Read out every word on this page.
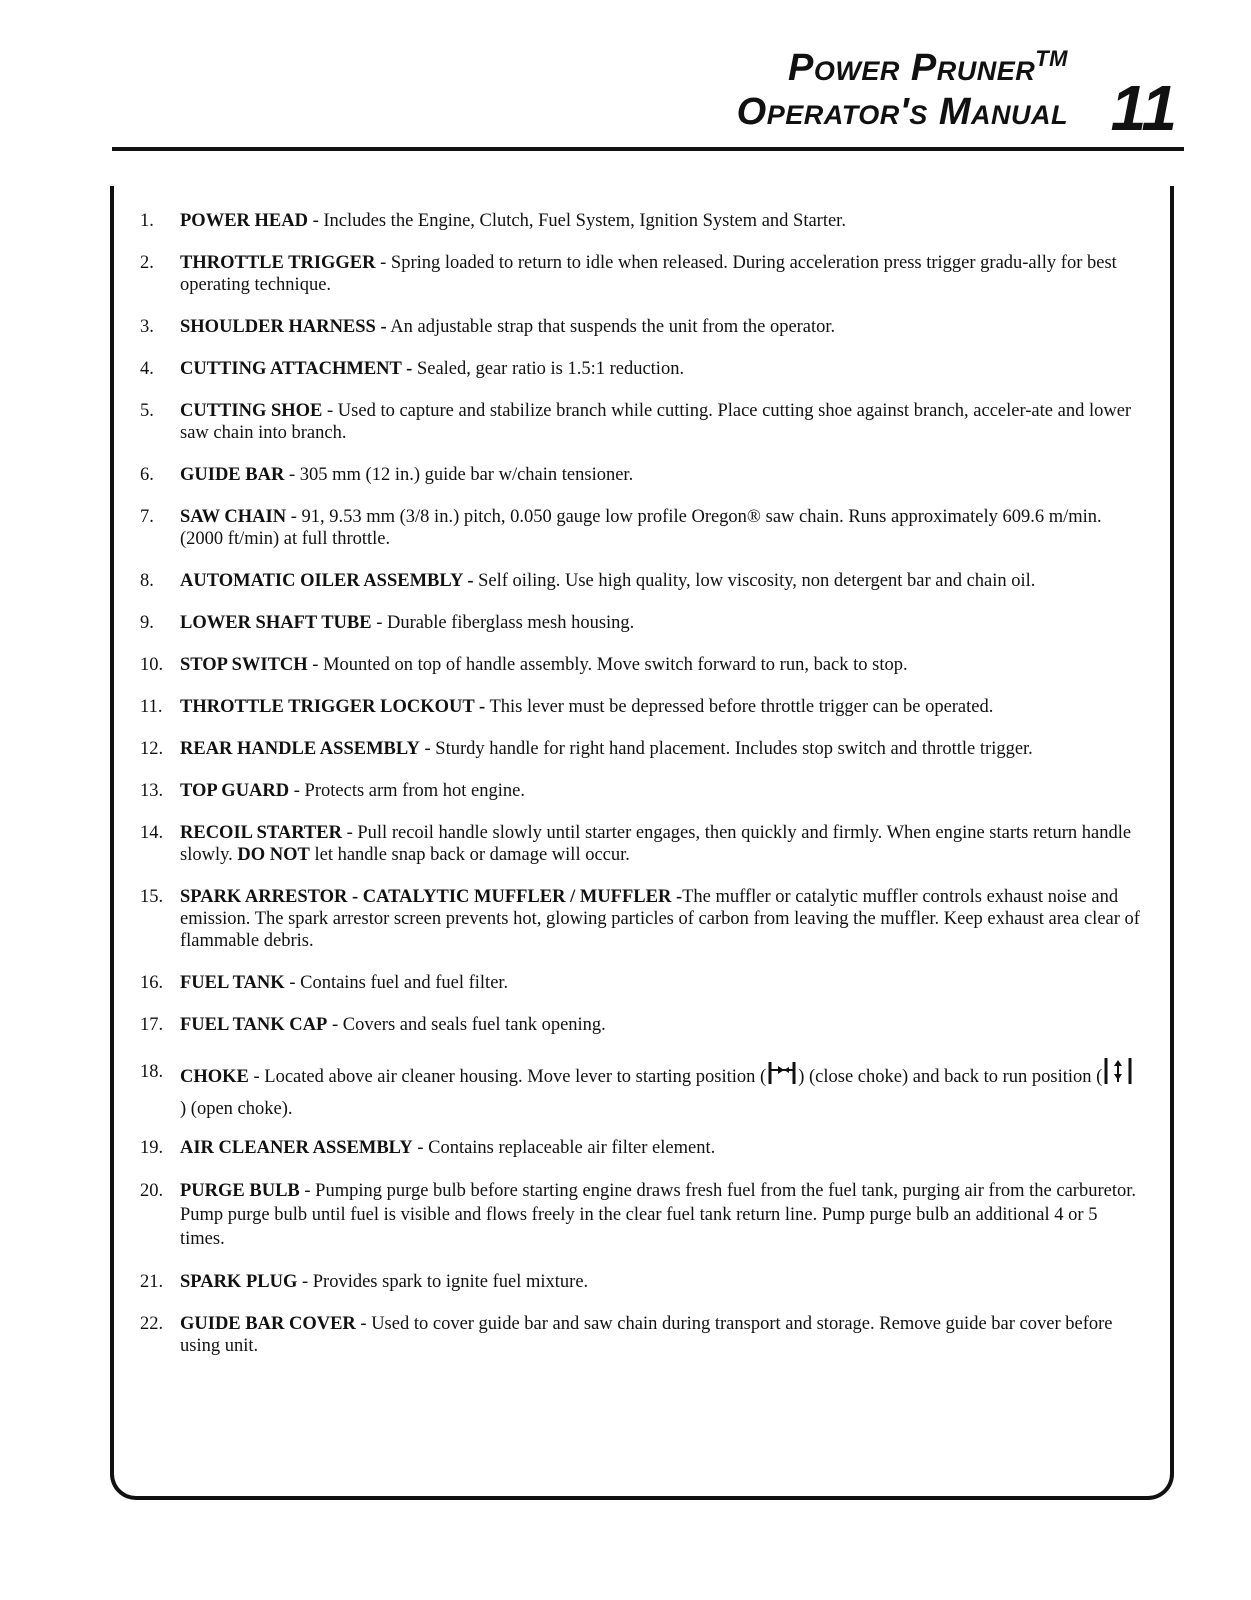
Power Pruner™
Operator's Manual 11
1.	POWER HEAD - Includes the Engine, Clutch, Fuel System, Ignition System and Starter.
2.	THROTTLE TRIGGER - Spring loaded to return to idle when released. During acceleration press trigger gradu-ally for best operating technique.
3.	SHOULDER HARNESS - An adjustable strap that suspends the unit from the operator.
4.	CUTTING ATTACHMENT - Sealed, gear ratio is 1.5:1 reduction.
5.	CUTTING SHOE - Used to capture and stabilize branch while cutting. Place cutting shoe against branch, acceler-ate and lower saw chain into branch.
6.	GUIDE BAR - 305 mm (12 in.) guide bar w/chain tensioner.
7.	SAW CHAIN - 91, 9.53 mm (3/8 in.) pitch, 0.050 gauge low profile Oregon® saw chain. Runs approximately 609.6 m/min. (2000 ft/min) at full throttle.
8.	AUTOMATIC OILER ASSEMBLY - Self oiling. Use high quality, low viscosity, non detergent bar and chain oil.
9.	LOWER SHAFT TUBE - Durable fiberglass mesh housing.
10. STOP SWITCH - Mounted on top of handle assembly. Move switch forward to run, back to stop.
11. THROTTLE TRIGGER LOCKOUT - This lever must be depressed before throttle trigger can be operated.
12. REAR HANDLE ASSEMBLY - Sturdy handle for right hand placement. Includes stop switch and throttle trigger.
13. TOP GUARD - Protects arm from hot engine.
14. RECOIL STARTER - Pull recoil handle slowly until starter engages, then quickly and firmly. When engine starts return handle slowly. DO NOT let handle snap back or damage will occur.
15. SPARK ARRESTOR - CATALYTIC MUFFLER / MUFFLER -The muffler or catalytic muffler controls exhaust noise and emission. The spark arrestor screen prevents hot, glowing particles of carbon from leaving the muffler. Keep exhaust area clear of flammable debris.
16. FUEL TANK - Contains fuel and fuel filter.
17. FUEL TANK CAP - Covers and seals fuel tank opening.
18. CHOKE - Located above air cleaner housing. Move lever to starting position ( ) (close choke) and back to run position () (open choke).
19. AIR CLEANER ASSEMBLY - Contains replaceable air filter element.
20. PURGE BULB - Pumping purge bulb before starting engine draws fresh fuel from the fuel tank, purging air from the carburetor. Pump purge bulb until fuel is visible and flows freely in the clear fuel tank return line. Pump purge bulb an additional 4 or 5 times.
21. SPARK PLUG - Provides spark to ignite fuel mixture.
22. GUIDE BAR COVER - Used to cover guide bar and saw chain during transport and storage. Remove guide bar cover before using unit.
